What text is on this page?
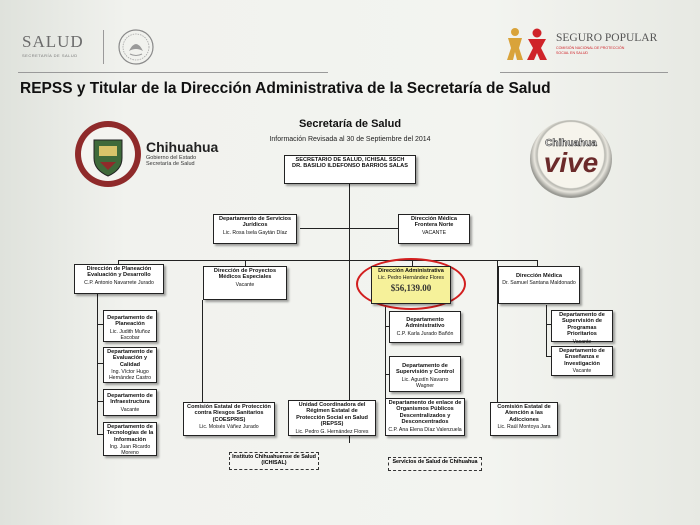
SALUD
SECRETARÍA DE SALUD
SEGURO POPULAR
COMISIÓN NACIONAL DE PROTECCIÓN SOCIAL EN SALUD
REPSS y Titular de la Dirección Administrativa de la Secretaría de Salud
Secretaría de Salud
Información Revisada al 30 de Septiembre del 2014
Chihuahua
Gobierno del Estado
Secretaría de Salud
Chihuahua
vive
SECRETARIO DE SALUD, ICHISAL SSCH
DR. BASILIO ILDEFONSO BARRIOS SALAS
Departamento de Servicios Jurídicos
Lic. Rosa Isela Gaytán Díaz
Dirección Médica Frontera Norte
VACANTE
Dirección de Planeación Evaluación y Desarrollo
C.P. Antonio Navarrete Jurado
Dirección de Proyectos Médicos Especiales
Vacante
Dirección Administrativa
Lic. Pedro Hernández Flores
$56,139.00
Dirección Médica
Dr. Samuel Santana Maldonado
Departamento de Planeación
Lic. Judith Muñoz Escobar
Departamento de Evaluación y Calidad
Ing. Víctor Hugo Hernández Castro
Departamento de Infraestructura
Vacante
Departamento de Tecnologías de la Información
Ing. Juan Ricardo Moreno
Comisión Estatal de Protección contra Riesgos Sanitarios (COESPRIS)
Lic. Moisés Váñez Jurado
Unidad Coordinadora del Régimen Estatal de Protección Social en Salud (REPSS)
Lic. Pedro G. Hernández Flores
Departamento Administrativo
C.P. Karla Jurado Bañón
Departamento de Supervisión y Control
Lic. Agustín Navarro Wagner
Departamento de enlace de Organismos Públicos Descentralizados y Desconcentrados
C.P. Ana Elena Díaz Valenzuela
Comisión Estatal de Atención a las Adicciones
Lic. Raúl Montoya Jara
Departamento de Supervisión de Programas Prioritarios
Vacante
Departamento de Enseñanza e Investigación
Vacante
Instituto Chihuahuense de Salud (ICHISAL)	Servicios de Salud de Chihuahua
